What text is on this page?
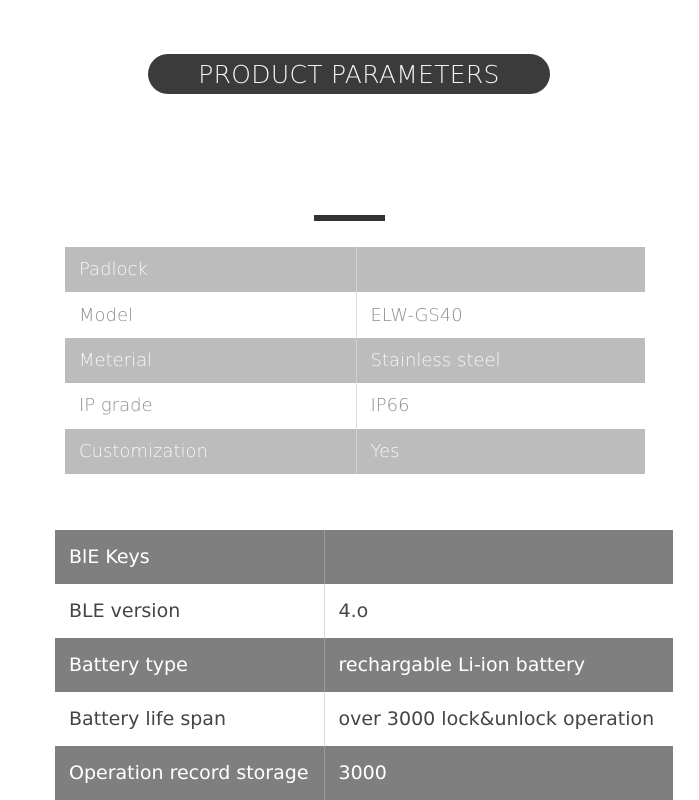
PRODUCT PARAMETERS
Padlock	
Model	ELW-GS40
Meterial	Stainless steel
IP grade	IP66
Customization	Yes
BlE Keys	
BLE version	4.o
Battery type	rechargable Li-ion battery
Battery life span	over 3000 lock&unlock operation
Operation record storage	3000
